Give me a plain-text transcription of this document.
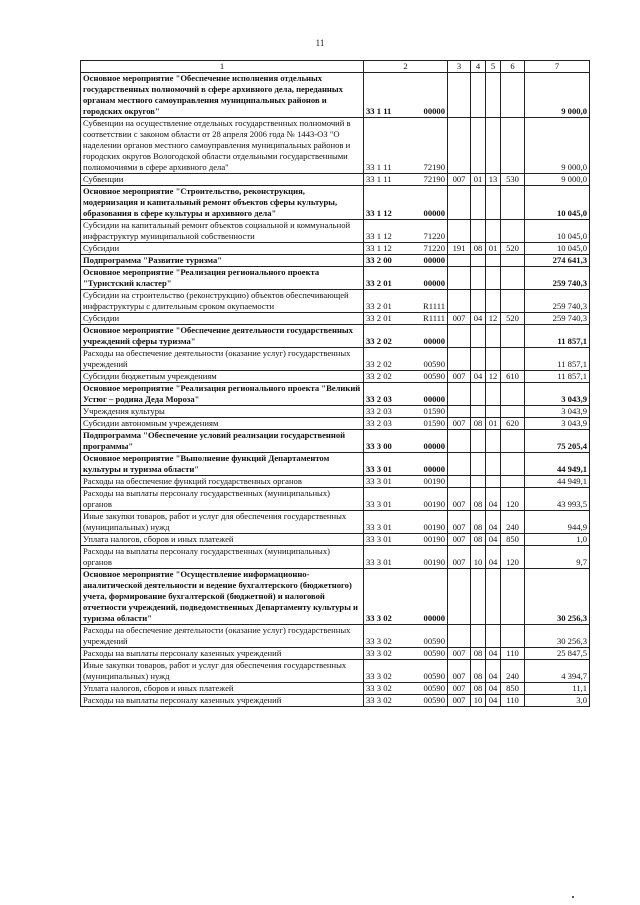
11
1	2		3	4	5	6	7
Основное мероприятие "Обеспечение исполнения отдельных государственных полномочий в сфере архивного дела, переданных органам местного самоуправления муниципальных районов и городских округов"	33 1 11	00000					9 000,0
Субвенции на осуществление отдельных государственных полномочий в соответствии с законом области от 28 апреля 2006 года № 1443-ОЗ "О наделении органов местного самоуправления муниципальных районов и городских округов Вологодской области отдельными государственными полномочиями в сфере архивного дела"	33 1 11	72190					9 000,0
Субвенции	33 1 11	72190	007	01	13	530	9 000,0
Основное мероприятие "Строительство, реконструкция, модернизация и капитальный ремонт объектов сферы культуры, образования в сфере культуры и архивного дела"	33 1 12	00000					10 045,0
Субсидии на капитальный ремонт объектов социальной и коммунальной инфраструктур муниципальной собственности	33 1 12	71220					10 045,0
Субсидии	33 1 12	71220	191	08	01	520	10 045,0
Подпрограмма "Развитие туризма"	33 2 00	00000					274 641,3
Основное мероприятие "Реализация регионального проекта "Туристский кластер"	33 2 01	00000					259 740,3
Субсидии на строительство (реконструкцию) объектов обеспечивающей инфраструктуры с длительным сроком окупаемости	33 2 01	R1111					259 740,3
Субсидии	33 2 01	R1111	007	04	12	520	259 740,3
Основное мероприятие "Обеспечение деятельности государственных учреждений сферы туризма"	33 2 02	00000					11 857,1
Расходы на обеспечение деятельности (оказание услуг) государственных учреждений	33 2 02	00590					11 857,1
Субсидии бюджетным учреждениям	33 2 02	00590	007	04	12	610	11 857,1
Основное мероприятие "Реализация регионального проекта "Великий Устюг – родина Деда Мороза"	33 2 03	00000					3 043,9
Учреждения культуры	33 2 03	01590					3 043,9
Субсидии автономным учреждениям	33 2 03	01590	007	08	01	620	3 043,9
Подпрограмма "Обеспечение условий реализации государственной программы"	33 3 00	00000					75 205,4
Основное мероприятие "Выполнение функций Департаментом культуры и туризма области"	33 3 01	00000					44 949,1
Расходы на обеспечение функций государственных органов	33 3 01	00190					44 949,1
Расходы на выплаты персоналу государственных (муниципальных) органов	33 3 01	00190	007	08	04	120	43 993,5
Иные закупки товаров, работ и услуг для обеспечения государственных (муниципальных) нужд	33 3 01	00190	007	08	04	240	944,9
Уплата налогов, сборов и иных платежей	33 3 01	00190	007	08	04	850	1,0
Расходы на выплаты персоналу государственных (муниципальных) органов	33 3 01	00190	007	10	04	120	9,7
Основное мероприятие "Осуществление информационно-аналитической деятельности и ведение бухгалтерского (бюджетного) учета, формирование бухгалтерской (бюджетной) и налоговой отчетности учреждений, подведомственных Департаменту культуры и туризма области"	33 3 02	00000					30 256,3
Расходы на обеспечение деятельности (оказание услуг) государственных учреждений	33 3 02	00590					30 256,3
Расходы на выплаты персоналу казенных учреждений	33 3 02	00590	007	08	04	110	25 847,5
Иные закупки товаров, работ и услуг для обеспечения государственных (муниципальных) нужд	33 3 02	00590	007	08	04	240	4 394,7
Уплата налогов, сборов и иных платежей	33 3 02	00590	007	08	04	850	11,1
Расходы на выплаты персоналу казенных учреждений	33 3 02	00590	007	10	04	110	3,0
